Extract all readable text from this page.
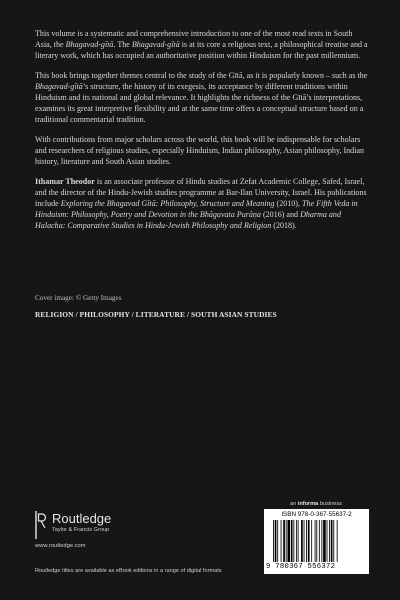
This volume is a systematic and comprehensive introduction to one of the most read texts in South Asia, the Bhagavad-gītā. The Bhagavad-gītā is at its core a religious text, a philosophical treatise and a literary work, which has occupied an authoritative position within Hinduism for the past millennium.

This book brings together themes central to the study of the Gītā, as it is popularly known – such as the Bhagavad-gītā’s structure, the history of its exegesis, its acceptance by different traditions within Hinduism and its national and global relevance. It highlights the richness of the Gītā’s interpretations, examines its great interpretive flexibility and at the same time offers a conceptual structure based on a traditional commentarial tradition.

With contributions from major scholars across the world, this book will be indispensable for scholars and researchers of religious studies, especially Hinduism, Indian philosophy, Asian philosophy, Indian history, literature and South Asian studies.

Ithamar Theodor is an associate professor of Hindu studies at Zefat Academic College, Safed, Israel, and the director of the Hindu-Jewish studies programme at Bar-Ilan University, Israel. His publications include Exploring the Bhagavad Gītā: Philosophy, Structure and Meaning (2010), The Fifth Veda in Hinduism: Philosophy, Poetry and Devotion in the Bhāgavata Purāṇa (2016) and Dharma and Halacha: Comparative Studies in Hindu-Jewish Philosophy and Religion (2018).

Cover image: © Getty Images
RELIGION / PHILOSOPHY / LITERATURE / SOUTH ASIAN STUDIES
Routledge
Taylor & Francis Group
www.routledge.com
Routledge titles are available as eBook editions in a range of digital formats
an informa business
ISBN 978-0-367-55637-2
9 780367 556372
